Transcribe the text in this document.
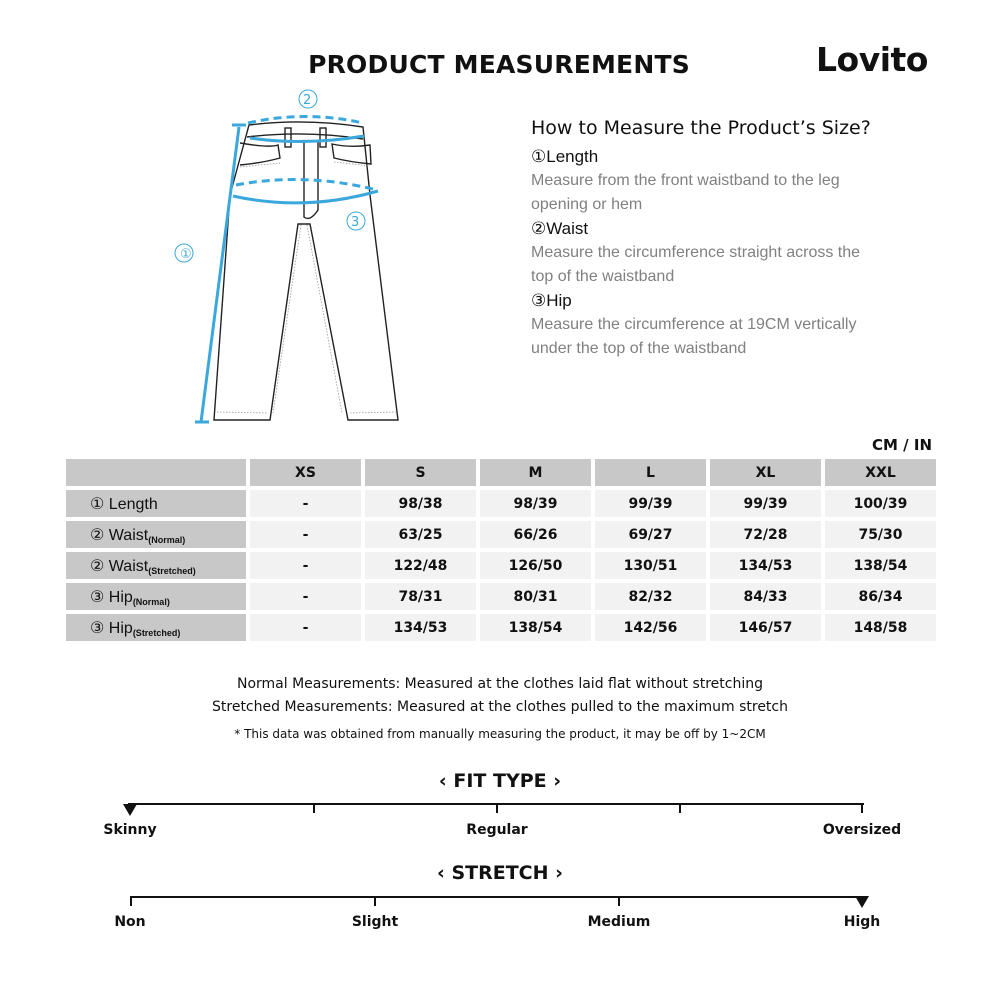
PRODUCT MEASUREMENTS	Lovito
①
2
3
How to Measure the Product’s Size?
①Length
Measure from the front waistband to the leg
opening or hem
②Waist
Measure the circumference straight across the
top of the waistband
③Hip
Measure the circumference at 19CM vertically
under the top of the waistband
CM / IN
	XS	S	M	L	XL	XXL
① Length	-	98/38	98/39	99/39	99/39	100/39
② Waist$_{(Normal)}$	-	63/25	66/26	69/27	72/28	75/30
② Waist$_{(Stretched)}$	-	122/48	126/50	130/51	134/53	138/54
③ Hip$_{(Normal)}$	-	78/31	80/31	82/32	84/33	86/34
③ Hip$_{(Stretched)}$	-	134/53	138/54	142/56	146/57	148/58
Normal Measurements: Measured at the clothes laid flat without stretching
Stretched Measurements: Measured at the clothes pulled to the maximum stretch
* This data was obtained from manually measuring the product, it may be off by 1~2CM
‹ FIT TYPE ›
Skinny	Regular	Oversized
‹ STRETCH ›
Non	Slight	Medium	High
